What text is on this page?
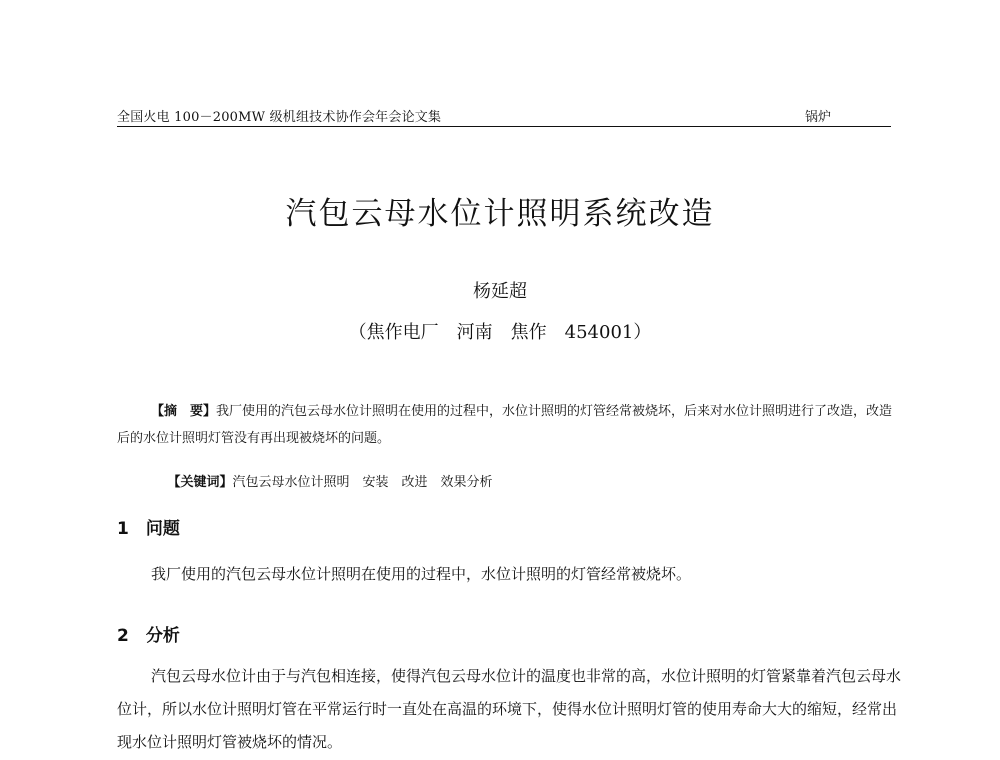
全国火电 100－200MW 级机组技术协作会年会论文集	锅炉
汽包云母水位计照明系统改造
杨延超
（焦作电厂　河南　焦作　454001）
【摘　要】我厂使用的汽包云母水位计照明在使用的过程中，水位计照明的灯管经常被烧坏，后来对水位计照明进行了改造，改造后的水位计照明灯管没有再出现被烧坏的问题。

【关键词】汽包云母水位计照明　安装　改进　效果分析

1　问题
我厂使用的汽包云母水位计照明在使用的过程中，水位计照明的灯管经常被烧坏。
2　分析
汽包云母水位计由于与汽包相连接，使得汽包云母水位计的温度也非常的高，水位计照明的灯管紧靠着汽包云母水位计，所以水位计照明灯管在平常运行时一直处在高温的环境下，使得水位计照明灯管的使用寿命大大的缩短，经常出现水位计照明灯管被烧坏的情况。
